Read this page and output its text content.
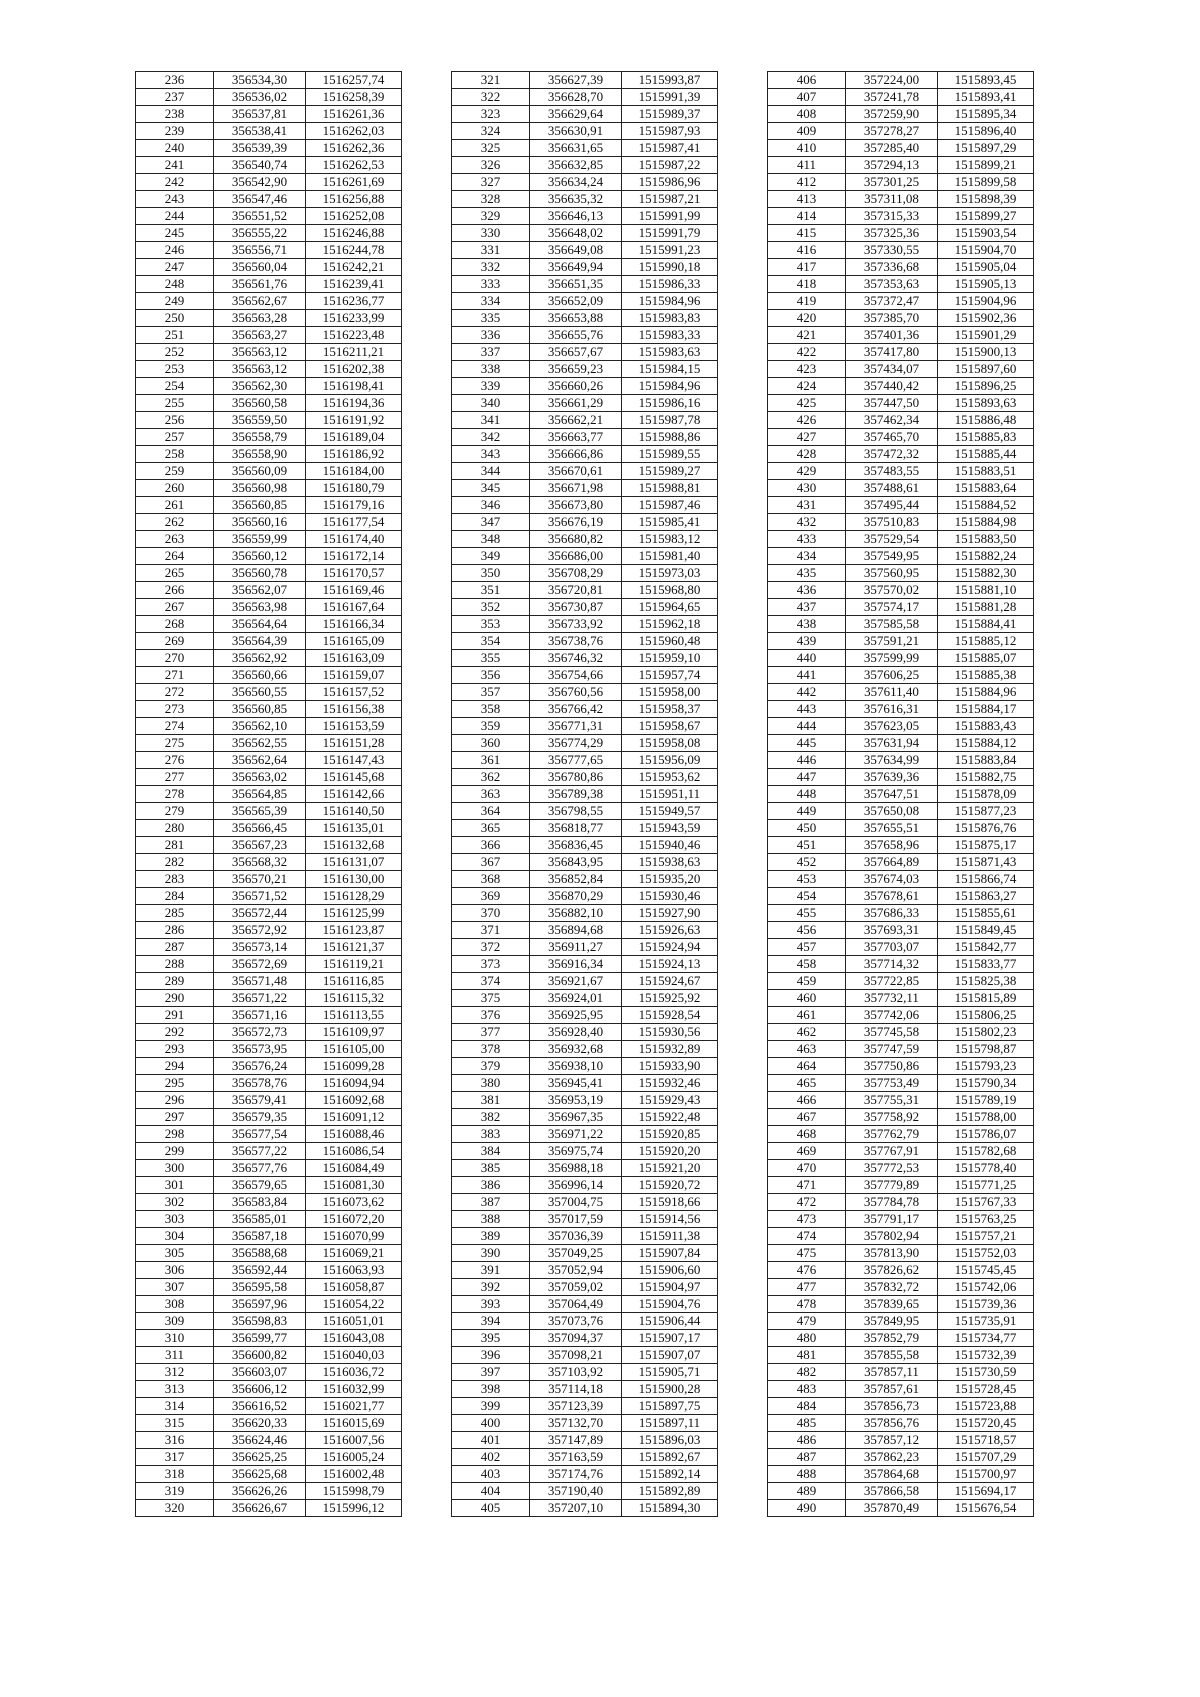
236	356534,30	1516257,74
237	356536,02	1516258,39
238	356537,81	1516261,36
239	356538,41	1516262,03
240	356539,39	1516262,36
241	356540,74	1516262,53
242	356542,90	1516261,69
243	356547,46	1516256,88
244	356551,52	1516252,08
245	356555,22	1516246,88
246	356556,71	1516244,78
247	356560,04	1516242,21
248	356561,76	1516239,41
249	356562,67	1516236,77
250	356563,28	1516233,99
251	356563,27	1516223,48
252	356563,12	1516211,21
253	356563,12	1516202,38
254	356562,30	1516198,41
255	356560,58	1516194,36
256	356559,50	1516191,92
257	356558,79	1516189,04
258	356558,90	1516186,92
259	356560,09	1516184,00
260	356560,98	1516180,79
261	356560,85	1516179,16
262	356560,16	1516177,54
263	356559,99	1516174,40
264	356560,12	1516172,14
265	356560,78	1516170,57
266	356562,07	1516169,46
267	356563,98	1516167,64
268	356564,64	1516166,34
269	356564,39	1516165,09
270	356562,92	1516163,09
271	356560,66	1516159,07
272	356560,55	1516157,52
273	356560,85	1516156,38
274	356562,10	1516153,59
275	356562,55	1516151,28
276	356562,64	1516147,43
277	356563,02	1516145,68
278	356564,85	1516142,66
279	356565,39	1516140,50
280	356566,45	1516135,01
281	356567,23	1516132,68
282	356568,32	1516131,07
283	356570,21	1516130,00
284	356571,52	1516128,29
285	356572,44	1516125,99
286	356572,92	1516123,87
287	356573,14	1516121,37
288	356572,69	1516119,21
289	356571,48	1516116,85
290	356571,22	1516115,32
291	356571,16	1516113,55
292	356572,73	1516109,97
293	356573,95	1516105,00
294	356576,24	1516099,28
295	356578,76	1516094,94
296	356579,41	1516092,68
297	356579,35	1516091,12
298	356577,54	1516088,46
299	356577,22	1516086,54
300	356577,76	1516084,49
301	356579,65	1516081,30
302	356583,84	1516073,62
303	356585,01	1516072,20
304	356587,18	1516070,99
305	356588,68	1516069,21
306	356592,44	1516063,93
307	356595,58	1516058,87
308	356597,96	1516054,22
309	356598,83	1516051,01
310	356599,77	1516043,08
311	356600,82	1516040,03
312	356603,07	1516036,72
313	356606,12	1516032,99
314	356616,52	1516021,77
315	356620,33	1516015,69
316	356624,46	1516007,56
317	356625,25	1516005,24
318	356625,68	1516002,48
319	356626,26	1515998,79
320	356626,67	1515996,12
321	356627,39	1515993,87
322	356628,70	1515991,39
323	356629,64	1515989,37
324	356630,91	1515987,93
325	356631,65	1515987,41
326	356632,85	1515987,22
327	356634,24	1515986,96
328	356635,32	1515987,21
329	356646,13	1515991,99
330	356648,02	1515991,79
331	356649,08	1515991,23
332	356649,94	1515990,18
333	356651,35	1515986,33
334	356652,09	1515984,96
335	356653,88	1515983,83
336	356655,76	1515983,33
337	356657,67	1515983,63
338	356659,23	1515984,15
339	356660,26	1515984,96
340	356661,29	1515986,16
341	356662,21	1515987,78
342	356663,77	1515988,86
343	356666,86	1515989,55
344	356670,61	1515989,27
345	356671,98	1515988,81
346	356673,80	1515987,46
347	356676,19	1515985,41
348	356680,82	1515983,12
349	356686,00	1515981,40
350	356708,29	1515973,03
351	356720,81	1515968,80
352	356730,87	1515964,65
353	356733,92	1515962,18
354	356738,76	1515960,48
355	356746,32	1515959,10
356	356754,66	1515957,74
357	356760,56	1515958,00
358	356766,42	1515958,37
359	356771,31	1515958,67
360	356774,29	1515958,08
361	356777,65	1515956,09
362	356780,86	1515953,62
363	356789,38	1515951,11
364	356798,55	1515949,57
365	356818,77	1515943,59
366	356836,45	1515940,46
367	356843,95	1515938,63
368	356852,84	1515935,20
369	356870,29	1515930,46
370	356882,10	1515927,90
371	356894,68	1515926,63
372	356911,27	1515924,94
373	356916,34	1515924,13
374	356921,67	1515924,67
375	356924,01	1515925,92
376	356925,95	1515928,54
377	356928,40	1515930,56
378	356932,68	1515932,89
379	356938,10	1515933,90
380	356945,41	1515932,46
381	356953,19	1515929,43
382	356967,35	1515922,48
383	356971,22	1515920,85
384	356975,74	1515920,20
385	356988,18	1515921,20
386	356996,14	1515920,72
387	357004,75	1515918,66
388	357017,59	1515914,56
389	357036,39	1515911,38
390	357049,25	1515907,84
391	357052,94	1515906,60
392	357059,02	1515904,97
393	357064,49	1515904,76
394	357073,76	1515906,44
395	357094,37	1515907,17
396	357098,21	1515907,07
397	357103,92	1515905,71
398	357114,18	1515900,28
399	357123,39	1515897,75
400	357132,70	1515897,11
401	357147,89	1515896,03
402	357163,59	1515892,67
403	357174,76	1515892,14
404	357190,40	1515892,89
405	357207,10	1515894,30
406	357224,00	1515893,45
407	357241,78	1515893,41
408	357259,90	1515895,34
409	357278,27	1515896,40
410	357285,40	1515897,29
411	357294,13	1515899,21
412	357301,25	1515899,58
413	357311,08	1515898,39
414	357315,33	1515899,27
415	357325,36	1515903,54
416	357330,55	1515904,70
417	357336,68	1515905,04
418	357353,63	1515905,13
419	357372,47	1515904,96
420	357385,70	1515902,36
421	357401,36	1515901,29
422	357417,80	1515900,13
423	357434,07	1515897,60
424	357440,42	1515896,25
425	357447,50	1515893,63
426	357462,34	1515886,48
427	357465,70	1515885,83
428	357472,32	1515885,44
429	357483,55	1515883,51
430	357488,61	1515883,64
431	357495,44	1515884,52
432	357510,83	1515884,98
433	357529,54	1515883,50
434	357549,95	1515882,24
435	357560,95	1515882,30
436	357570,02	1515881,10
437	357574,17	1515881,28
438	357585,58	1515884,41
439	357591,21	1515885,12
440	357599,99	1515885,07
441	357606,25	1515885,38
442	357611,40	1515884,96
443	357616,31	1515884,17
444	357623,05	1515883,43
445	357631,94	1515884,12
446	357634,99	1515883,84
447	357639,36	1515882,75
448	357647,51	1515878,09
449	357650,08	1515877,23
450	357655,51	1515876,76
451	357658,96	1515875,17
452	357664,89	1515871,43
453	357674,03	1515866,74
454	357678,61	1515863,27
455	357686,33	1515855,61
456	357693,31	1515849,45
457	357703,07	1515842,77
458	357714,32	1515833,77
459	357722,85	1515825,38
460	357732,11	1515815,89
461	357742,06	1515806,25
462	357745,58	1515802,23
463	357747,59	1515798,87
464	357750,86	1515793,23
465	357753,49	1515790,34
466	357755,31	1515789,19
467	357758,92	1515788,00
468	357762,79	1515786,07
469	357767,91	1515782,68
470	357772,53	1515778,40
471	357779,89	1515771,25
472	357784,78	1515767,33
473	357791,17	1515763,25
474	357802,94	1515757,21
475	357813,90	1515752,03
476	357826,62	1515745,45
477	357832,72	1515742,06
478	357839,65	1515739,36
479	357849,95	1515735,91
480	357852,79	1515734,77
481	357855,58	1515732,39
482	357857,11	1515730,59
483	357857,61	1515728,45
484	357856,73	1515723,88
485	357856,76	1515720,45
486	357857,12	1515718,57
487	357862,23	1515707,29
488	357864,68	1515700,97
489	357866,58	1515694,17
490	357870,49	1515676,54
